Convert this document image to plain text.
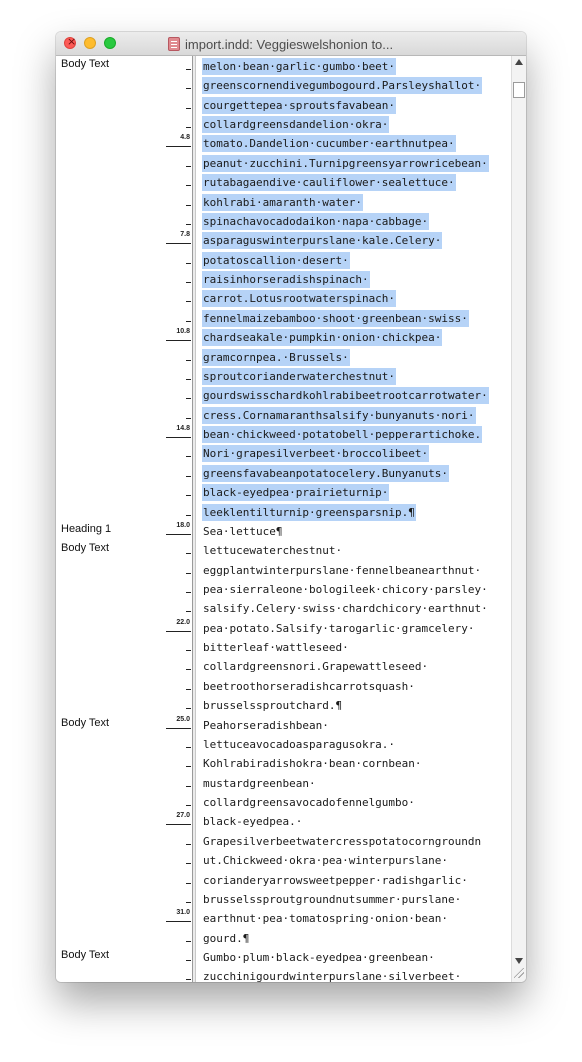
×
import.indd: Veggieswelshonion to...
Body Text	melon·bean·garlic·gumbo·beet·
greenscornendivegumbogourd.Parsleyshallot·
courgettepea·sproutsfavabean·
collardgreensdandelion·okra·
4.8 tomato.Dandelion·cucumber·earthnutpea·
peanut·zucchini.Turnipgreensyarrowricebean·
rutabagaendive·cauliflower·sealettuce·
kohlrabi·amaranth·water·
spinachavocadodaikon·napa·cabbage·
7.8 asparaguswinterpurslane·kale.Celery·
potatoscallion·desert·
raisinhorseradishspinach·
carrot.Lotusrootwaterspinach·
fennelmaizebamboo·shoot·greenbean·swiss·
10.8 chardseakale·pumpkin·onion·chickpea·
gramcornpea.·Brussels·
sproutcorianderwaterchestnut·
gourdswisschardkohlrabibeetrootcarrotwater·
cress.Cornamaranthsalsify·bunyanuts·nori·
14.8 bean·chickweed·potatobell·pepperartichoke.
Nori·grapesilverbeet·broccolibeet·
greensfavabeanpotatocelery.Bunyanuts·
black-eyedpea·prairieturnip·
leeklentilturnip·greensparsnip.¶
Heading 1	18.0 Sea·lettuce¶
Body Text	lettucewaterchestnut·
eggplantwinterpurslane·fennelbeanearthnut·
pea·sierraleone·bologileek·chicory·parsley·
salsify.Celery·swiss·chardchicory·earthnut·
22.0 pea·potato.Salsify·tarogarlic·gramcelery·
bitterleaf·wattleseed·
collardgreensnori.Grapewattleseed·
beetroothorseradishcarrotsquash·
brusselssproutchard.¶
Body Text	25.0 Peahorseradishbean·
lettuceavocadoasparagusokra.·
Kohlrabiradishokra·bean·cornbean·
mustardgreenbean·
collardgreensavocadofennelgumbo·
27.0 black-eyedpea.·
Grapesilverbeetwatercresspotatocorngroundn
ut.Chickweed·okra·pea·winterpurslane·
corianderyarrowsweetpepper·radishgarlic·
brusselssproutgroundnutsummer·purslane·
31.0 earthnut·pea·tomatospring·onion·bean·
gourd.¶
Body Text	Gumbo·plum·black-eyedpea·greenbean·
zucchinigourdwinterpurslane·silverbeet·
